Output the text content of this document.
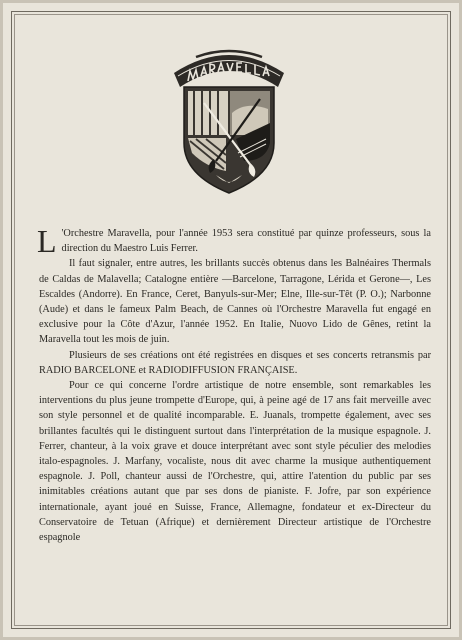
L 'Orchestre Maravella, pour l'année 1953 sera constitué par quinze professeurs, sous la direction du Maestro Luis Ferrer.

Il faut signaler, entre autres, les brillants succès obtenus dans les Balnéaires Thermals de Caldas de Malavella; Catalogne entière —Barcelone, Tarragone, Lérida et Gerone—, Les Escaldes (Andorre). En France, Ceret, Banyuls-sur-Mer; Elne, Ille-sur-Têt (P. O.); Narbonne (Aude) et dans le fameux Palm Beach, de Cannes où l'Orchestre Maravella fut engagé en exclusive pour la Côte d'Azur, l'année 1952. En Italie, Nuovo Lido de Gênes, retint la Maravella tout les mois de juin.

Plusieurs de ses créations ont été registrées en disques et ses concerts retransmis par RADIO BARCELONE et RADIODIFFUSION FRANÇAISE.

Pour ce qui concerne l'ordre artistique de notre ensemble, sont remarkables les interventions du plus jeune trompette d'Europe, qui, à peine agé de 17 ans fait merveille avec son style personnel et de qualité incomparable. E. Juanals, trompette également, avec ses brillantes facultés qui le distinguent surtout dans l'interprétation de la musique espagnole. J. Ferrer, chanteur, à la voix grave et douce interprétant avec sont style péculier des melodies italo-espagnoles. J. Marfany, vocaliste, nous dit avec charme la musique authentiquement espagnole. J. Poll, chanteur aussi de l'Orchestre, qui, attire l'atention du public par ses inimitables créations autant que par ses dons de pianiste. F. Jofre, par son expérience internationale, ayant joué en Suisse, France, Allemagne, fondateur et ex-Directeur du Conservatoire de Tetuan (Afrique) et dernièrement Directeur artistique de l'Orchestre espagnole
